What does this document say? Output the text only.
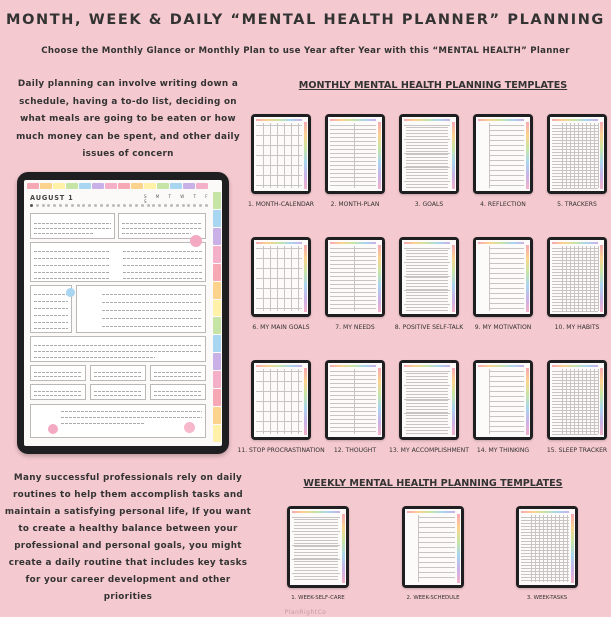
MONTH, WEEK & DAILY “MENTAL HEALTH PLANNER” PLANNING
Choose the Monthly Glance or Monthly Plan to use Year after Year with this “MENTAL HEALTH” Planner
Daily planning can involve writing down a schedule, having a to-do list, deciding on what meals are going to be eaten or how much money can be spent, and other daily issues of concern
AUGUST 1	S M T W T F S
Many successful professionals rely on daily routines to help them accomplish tasks and maintain a satisfying personal life, If you want to create a healthy balance between your professional and personal goals, you might create a daily routine that includes key tasks for your career development and other priorities
MONTHLY MENTAL HEALTH PLANNING TEMPLATES
1. MONTH-CALENDAR	2. MONTH-PLAN	3. GOALS	4. REFLECTION	5. TRACKERS
6. MY MAIN GOALS	7. MY NEEDS	8. POSITIVE SELF-TALK 9. MY MOTIVATION	10. MY HABITS
11. STOP PROCRASTINATION 12. THOUGHT 13. MY ACCOMPLISHMENT 14. MY THINKING	15. SLEEP TRACKER
WEEKLY MENTAL HEALTH PLANNING TEMPLATES
1. WEEK-SELF-CARE	2. WEEK-SCHEDULE	3. WEEK-TASKS
PlanRightCo
